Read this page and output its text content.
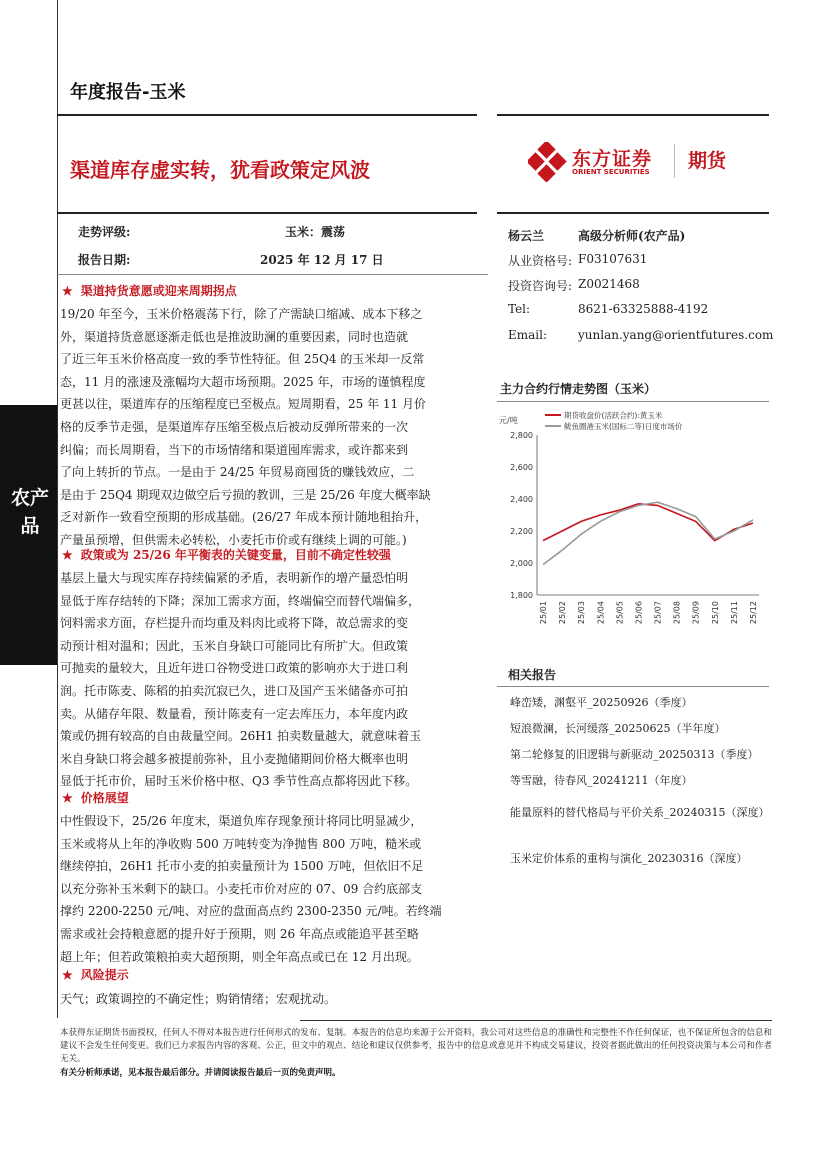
农产品
年度报告-玉米
渠道库存虚实转，犹看政策定风波	东方证券
ORIENT SECURITIES 期货
走势评级:	玉米：震荡
报告日期:	2025 年 12 月 17 日
★ 渠道持货意愿或迎来周期拐点

19/20 年至今，玉米价格震荡下行，除了产需缺口缩减、成本下移之

外，渠道持货意愿逐渐走低也是推波助澜的重要因素，同时也造就

了近三年玉米价格高度一致的季节性特征。但 25Q4 的玉米却一反常

态，11 月的涨速及涨幅均大超市场预期。2025 年，市场的谨慎程度

更甚以往，渠道库存的压缩程度已至极点。短周期看，25 年 11 月价

格的反季节走强，是渠道库存压缩至极点后被动反弹所带来的一次

纠偏；而长周期看，当下的市场情绪和渠道囤库需求，或许都来到

了向上转折的节点。一是由于 24/25 年贸易商囤货的赚钱效应，二

是由于 25Q4 期现双边做空后亏损的教训，三是 25/26 年度大概率缺

乏对新作一致看空预期的形成基础。(26/27 年成本预计随地租抬升，

产量虽预增，但供需未必转松，小麦托市价或有继续上调的可能。)

★ 政策或为 25/26 年平衡表的关键变量，目前不确定性较强

基层上量大与现实库存持续偏紧的矛盾，表明新作的增产量恐怕明

显低于库存结转的下降；深加工需求方面，终端偏空而替代端偏多，

饲料需求方面，存栏提升而均重及料肉比或将下降，故总需求的变

动预计相对温和；因此，玉米自身缺口可能同比有所扩大。但政策

可抛卖的量较大，且近年进口谷物受进口政策的影响亦大于进口利

润。托市陈麦、陈稻的拍卖沉寂已久，进口及国产玉米储备亦可拍

卖。从储存年限、数量看，预计陈麦有一定去库压力，本年度内政

策或仍拥有较高的自由裁量空间。26H1 拍卖数量越大，就意味着玉

米自身缺口将会越多被提前弥补，且小麦抛储期间价格大概率也明

显低于托市价，届时玉米价格中枢、Q3 季节性高点都将因此下移。

★ 价格展望

中性假设下，25/26 年度末，渠道负库存现象预计将同比明显减少，

玉米或将从上年的净收购 500 万吨转变为净抛售 800 万吨，糙米或

继续停拍，26H1 托市小麦的拍卖量预计为 1500 万吨，但依旧不足

以充分弥补玉米剩下的缺口。小麦托市价对应的 07、09 合约底部支

撑约 2200-2250 元/吨、对应的盘面高点约 2300-2350 元/吨。若终端

需求或社会持粮意愿的提升好于预期，则 26 年高点或能追平甚至略

超上年；但若政策粮拍卖大超预期，则全年高点或已在 12 月出现。

★ 风险提示

天气；政策调控的不确定性；购销情绪；宏观扰动。

杨云兰	高级分析师(农产品)
从业资格号: F03107631
投资咨询号: Z0021468
Tel:	8621-63325888-4192
Email:	yunlan.yang@orientfutures.com
主力合约行情走势图（玉米）
元/吨
1,800
2,000
2,200
2,400
2,600
2,800
25/01 25/02 25/03 25/04 25/05 25/06 25/07 25/08 25/09 25/10 25/11 25/12
期货收盘价(活跃合约):黄玉米
鲅鱼圈港玉米(国标二等)日度市场价
相关报告
峰峦矮，渊壑平_20250926（季度）
短浪微澜，长河缓落_20250625（半年度）
第二轮修复的旧逻辑与新驱动_20250313（季度）
等雪融，待春风_20241211（年度）
能量原料的替代格局与平价关系_20240315（深度）
玉米定价体系的重构与演化_20230316（深度）
本获得东证期货书面授权，任何人不得对本报告进行任何形式的发布、复制。本报告的信息均来源于公开资料，我公司对这些信息的准确性和完整性不作任何保证，也不保证所包含的信息和建议不会发生任何变更。我们已力求报告内容的客观、公正，但文中的观点、结论和建议仅供参考，报告中的信息或意见并不构成交易建议，投资者据此做出的任何投资决策与本公司和作者无关。
有关分析师承诺，见本报告最后部分。并请阅读报告最后一页的免责声明。
